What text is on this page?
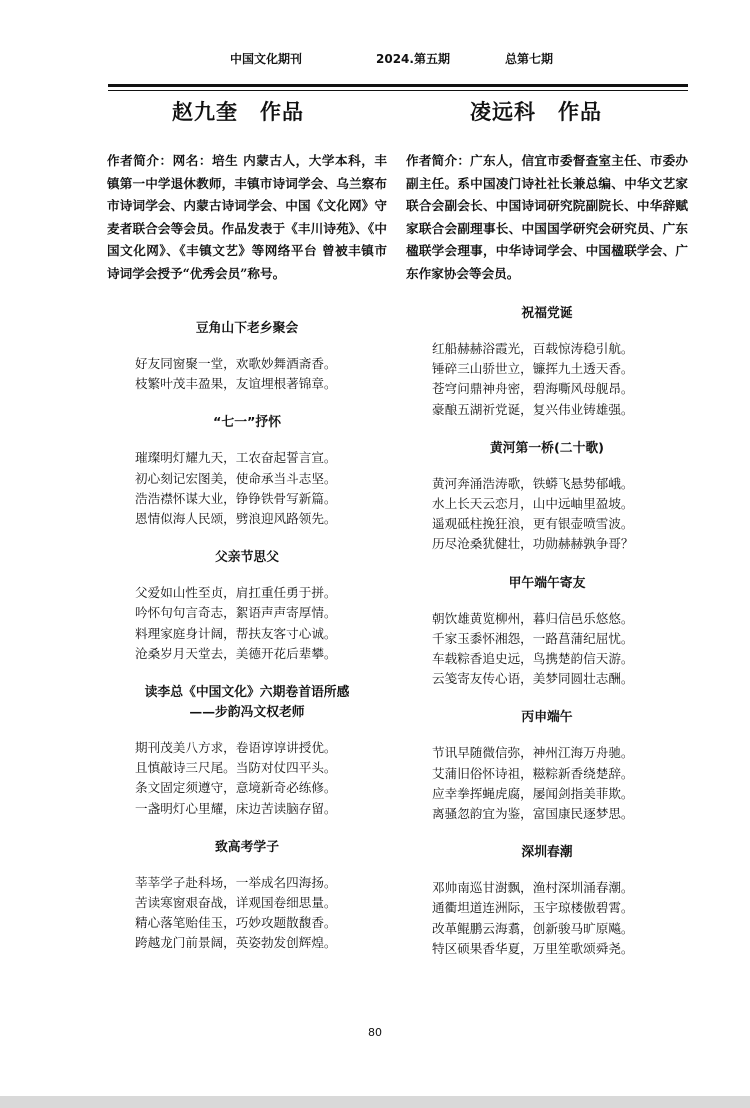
中国文化期刊	2024.第五期	总第七期
赵九奎　作品	凌远科　作品

作者简介：网名：培生 内蒙古人，大学本科，丰镇第一中学退休教师，丰镇市诗词学会、乌兰察布市诗词学会、内蒙古诗词学会、中国《文化网》守麦者联合会等会员。作品发表于《丰川诗苑》、《中国文化网》、《丰镇文艺》等网络平台 曾被丰镇市诗词学会授予“优秀会员”称号。

豆角山下老乡聚会

好友同窗聚一堂，欢歌妙舞酒斋香。

枝繁叶茂丰盈果，友谊埋根著锦章。

“七一”抒怀

璀璨明灯耀九天，工农奋起誓言宣。

初心刻记宏图美，使命承当斗志坚。

浩浩襟怀谋大业，铮铮铁骨写新篇。

恩情似海人民颂，劈浪迎风路领先。

父亲节思父

父爱如山性至贞，肩扛重任勇于拼。

吟怀句句言奇志，絮语声声寄厚情。

料理家庭身计阔，帮扶友客寸心诚。

沧桑岁月天堂去，美德开花后辈攀。

读李总《中国文化》六期卷首语所感

——步韵冯文权老师

期刊茂美八方求，卷语谆谆讲授优。

且慎敲诗三尺尾。当防对仗四平头。

条文固定须遵守，意境新奇必练修。

一盏明灯心里耀，床边苦读脑存留。

致高考学子

莘莘学子赴科场，一举成名四海扬。

苦读寒窗艰奋战，详观国卷细思量。

精心落笔贻佳玉，巧妙攻题散馥香。

跨越龙门前景阔，英姿勃发创辉煌。

作者简介：广东人，信宜市委督查室主任、市委办副主任。系中国凌门诗社社长兼总编、中华文艺家联合会副会长、中国诗词研究院副院长、中华辞赋家联合会副理事长、中国国学研究会研究员、广东楹联学会理事，中华诗词学会、中国楹联学会、广东作家协会等会员。

祝福党诞

红船赫赫浴霞光，百载惊涛稳引航。

锤碎三山骄世立，镰挥九土透天香。

苍穹问鼎神舟密，碧海嘶风母舰昂。

豪酿五湖祈党诞，复兴伟业铸雄强。

黄河第一桥(二十歌)

黄河奔涌浩涛歌，铁蟒飞悬势郁峨。

水上长天云恋月，山中远岫里盈坡。

遥观砥柱挽狂浪，更有银壶喷雪波。

历尽沧桑犹健壮，功勋赫赫孰争哥？

甲午端午寄友

朝饮雄黄览柳州，暮归信邑乐悠悠。

千家玉黍怀湘怨，一路菖蒲纪屈忧。

车载粽香追史远，鸟携楚韵信天游。

云笺寄友传心语，美梦同圆壮志酬。

丙申端午

节讯早随微信弥，神州江海万舟驰。

艾蒲旧俗怀诗祖，糍粽新香绕楚辞。

应幸拳挥蝇虎腐，屡闻剑指美菲欺。

离骚忽韵宜为鉴，富国康民逐梦思。

深圳春潮

邓帅南巡甘澍飘，渔村深圳涌春潮。

通衢坦道连洲际，玉宇琼楼傲碧霄。

改革鲲鹏云海翥，创新骏马旷原飚。

特区硕果香华夏，万里笙歌颂舜尧。

80
